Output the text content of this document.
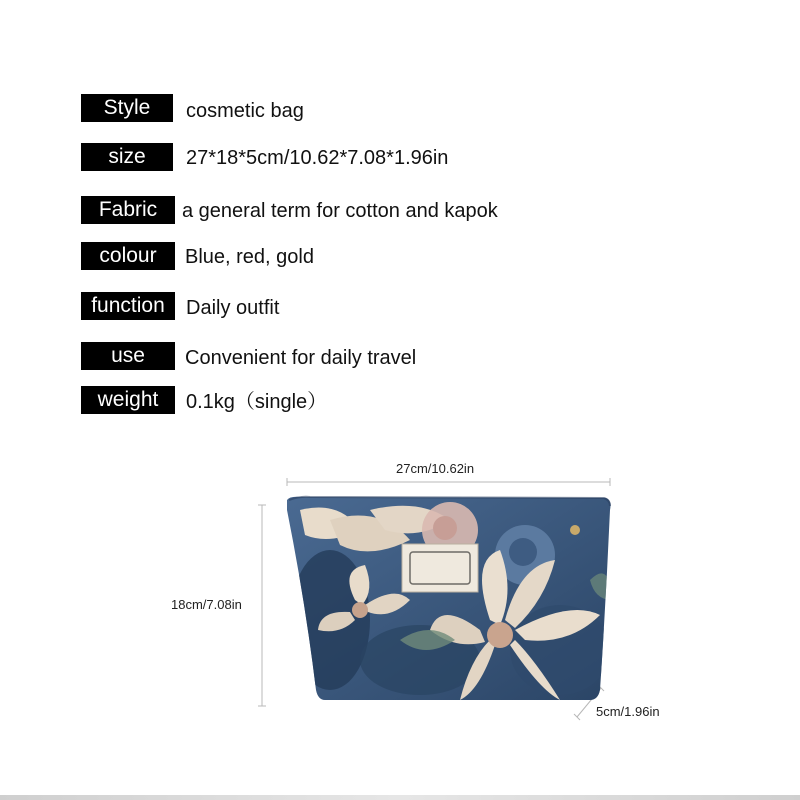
Style	cosmetic bag
size	27*18*5cm/10.62*7.08*1.96in
Fabric	a general term for cotton and kapok
colour	Blue, red, gold
function	Daily outfit
use	Convenient for daily travel
weight	0.1kg（single）
27cm/10.62in
18cm/7.08in
5cm/1.96in
